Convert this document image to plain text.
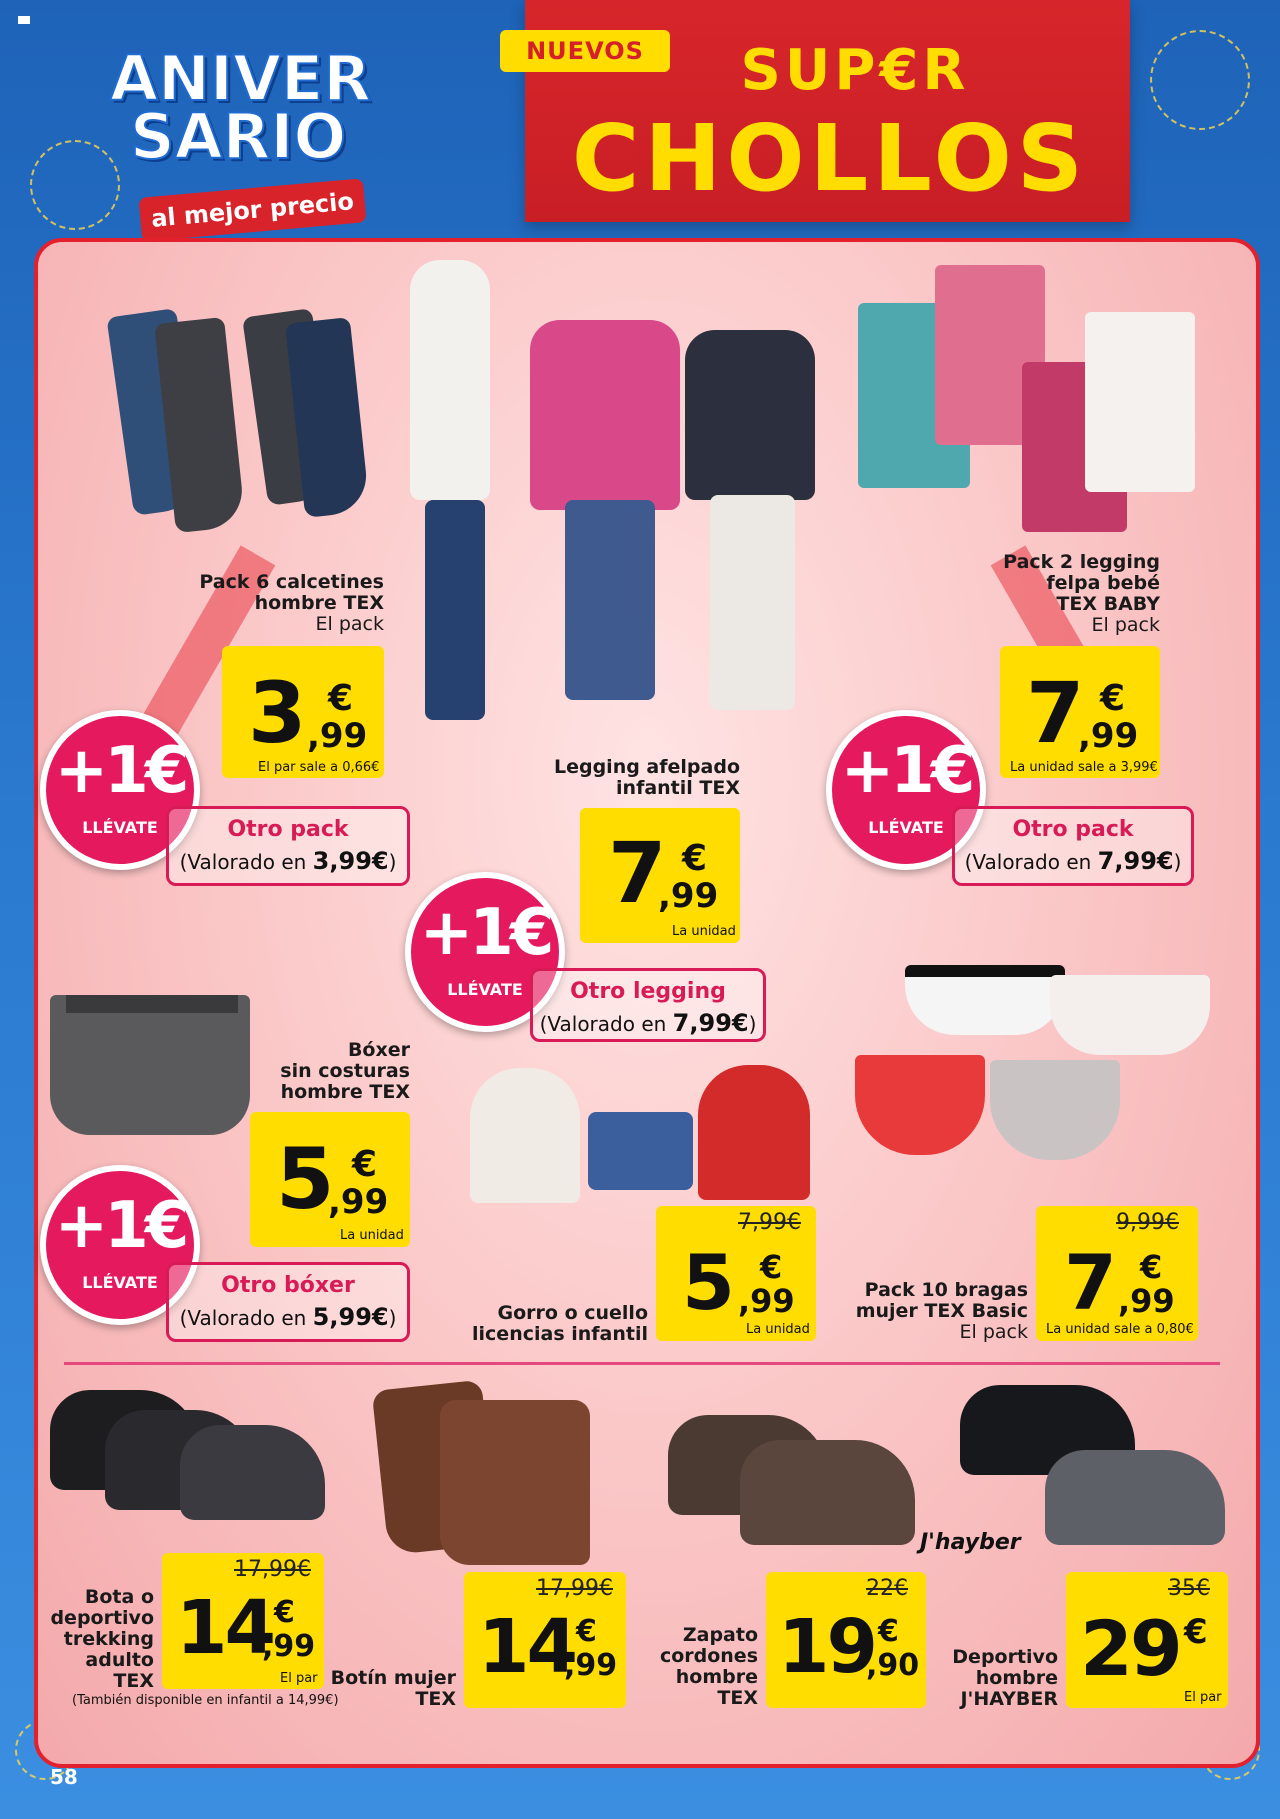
NUEVOS	SUP€R
CHOLLOS
ANIVER
SARIO
al mejor precio
Pack 6 calcetines
hombre TEX
El pack
3 €
,99
El par sale a 0,66€
+1€
LLÉVATE	Otro pack
(Valorado en 3,99€)
Legging afelpado
infantil TEX
7 €
,99
La unidad
+1€
LLÉVATE	Otro legging
(Valorado en 7,99€)
Pack 2 legging
felpa bebé
TEX BABY
El pack
7 €
,99
La unidad sale a 3,99€
+1€
LLÉVATE	Otro pack
(Valorado en 7,99€)
Bóxer
sin costuras
hombre TEX
5 €
,99
La unidad
+1€
LLÉVATE	Otro bóxer
(Valorado en 5,99€)	Gorro o cuello
licencias infantil
7,99€
5 €
,99
La unidad
Pack 10 bragas
mujer TEX Basic
El pack
9,99€
7 €
,99
La unidad sale a 0,80€
Bota o
deportivo
trekking
adulto
TEX
17,99€
14 €
,99
El par
(También disponible en infantil a 14,99€)
Botín mujer
TEX
17,99€
14 €
,99
Zapato
cordones
hombre
TEX
22€
19 €
,90
J'hayber
Deportivo
hombre
J'HAYBER
35€
29 €
El par
58
